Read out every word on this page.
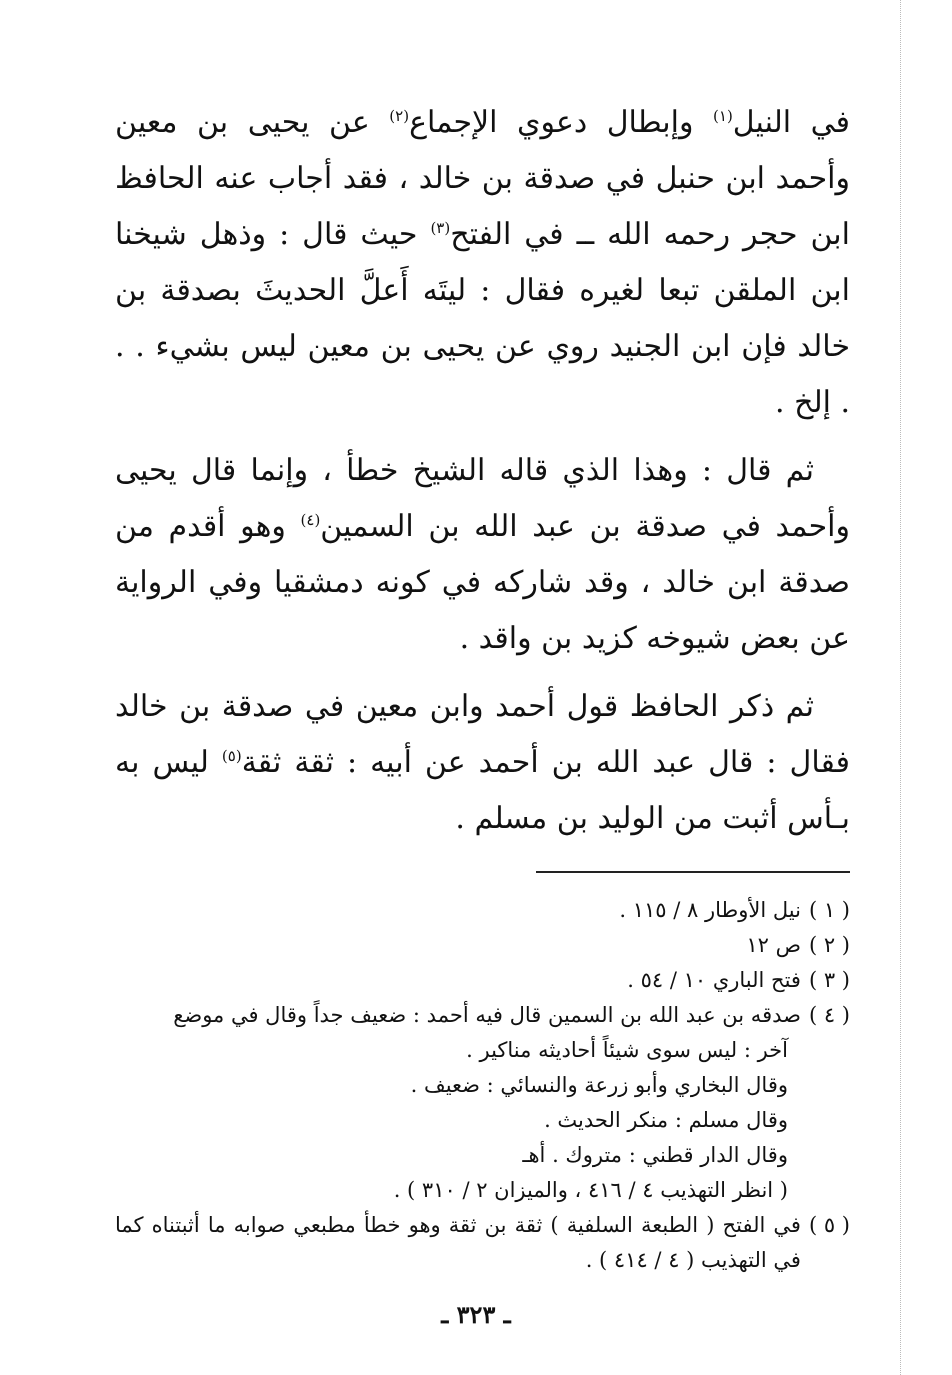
في النيل$^{(١)}$ وإبطال دعوي الإجماع$^{(٢)}$ عن يحيى بن معين وأحمد ابن حنبل في صدقة بن خالد ، فقد أجاب عنه الحافظ ابن حجر رحمه الله ــ في الفتح$^{(٣)}$ حيث قال : وذهل شيخنا ابن الملقن تبعا لغيره فقال : ليتَه أَعلَّ الحديثَ بصدقة بن خالد فإن ابن الجنيد روي عن يحيى بن معين ليس بشيء . . . إلخ .

ثم قال : وهذا الذي قاله الشيخ خطأ ، وإنما قال يحيى وأحمد في صدقة بن عبد الله بن السمين$^{(٤)}$ وهو أقدم من صدقة ابن خالد ، وقد شاركه في كونه دمشقيا وفي الرواية عن بعض شيوخه كزيد بن واقد .

ثم ذكر الحافظ قول أحمد وابن معين في صدقة بن خالد فقال : قال عبد الله بن أحمد عن أبيه : ثقة ثقة$^{(٥)}$ ليس به بـأس أثبت من الوليد بن مسلم .

( ١ )
نيل الأوطار ٨ / ١١٥ .
( ٢ )
ص ١٢
( ٣ )
فتح الباري ١٠ / ٥٤ .
( ٤ )
صدقه بن عبد الله بن السمين قال فيه أحمد : ضعيف جداً وقال في موضع
آخر : ليس سوى شيئاً أحاديثه مناكير .
وقال البخاري وأبو زرعة والنسائي : ضعيف .
وقال مسلم : منكر الحديث .
وقال الدار قطني : متروك . أهـ
( انظر التهذيب ٤ / ٤١٦ ، والميزان ٢ / ٣١٠ ) .
( ٥ )
في الفتح ( الطبعة السلفية ) ثقة بن ثقة وهو خطأ مطبعي صوابه ما أثبتناه كما في التهذيب ( ٤ / ٤١٤ ) .
ـ ٣٢٣ ـ
